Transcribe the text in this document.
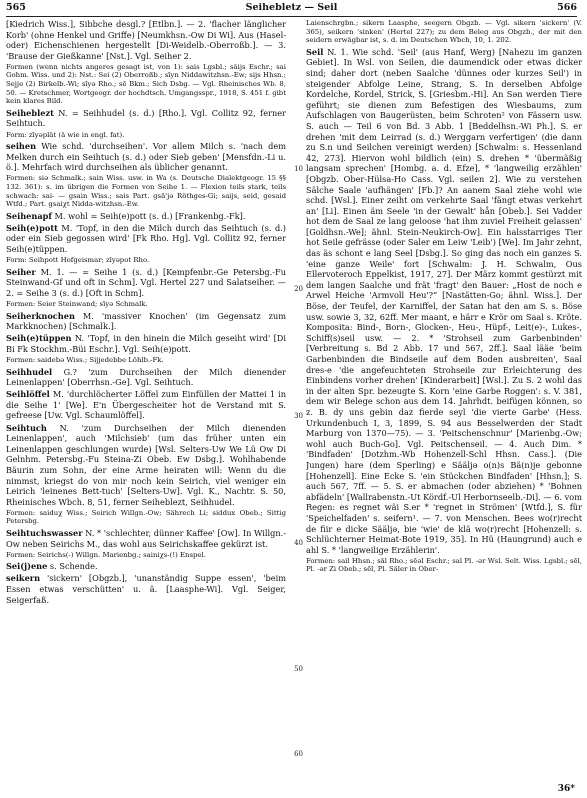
565	Seihebletz — Seil	566

[Kiedrich Wiss.], Sibbche desgl.? [Etlbn.]. — 2. 'flacher länglicher Korb' (ohne Henkel und Griffe) [Neumkhsn.-Ow Di Wi]. Aus (Hasel- oder) Eichenschienen hergestellt [Di-Weidelb.-Oberroßb.]. — 3. 'Brause der Gießkanne' [Nst.]. Vgl. Seiher 2.

Formen (wenn nichts angeres gesagt ist, von 1): sais Lgsbl.; säijs Eschr.; sai Gohm. Wiss. und 2): Nst.: Sei (2) Oberroßb.; sīyn Niddawitzhsn.-Ew; sijs Hhsn.; Sejje (2) Birkelb.-Wi; sīyə Rho.; sē Bkm.; Sich Dsbg. — Vgl. Rheinisches Wb. 8, 50. — Kretschmer, Wortgeogr. der hochdtsch. Umgangsspr., 1918, S. 451 f. gibt kein klares Bild.

Seiheblezt N. = Seihhudel (s. d.) [Rho.]. Vgl. Collitz 92, ferner Seihtuch.

Form: zīyəplät (ä wie in engl. fat).

seihen Wie schd. 'durchseihen'. Vor allem Milch s. 'nach dem Melken durch ein Seihtuch (s. d.) oder Sieb geben' [Mensfdn.-Li u. ö.]. Mehrfach wird durchseihen als üblicher genannt.

Formen: siə Schmalk.; sain Wiss. usw. in Wa (s. Deutsche Dialektgeogr. 15 §§ 132. 361): s. im übrigen die Formen von Seihe 1. — Flexion teils stark, teils schwach: sai- — gsain Wiss.; sais Part. gsā'jə Röthges-Gi; saijs, seid, gesaid Wtfd.; Part. gsaiχt Nidda-witzhsn.-Ew.

Seihenapf M. wohl = Seih(e)pott (s. d.) [Frankenbg.-Fk].

Seih(e)pott M. 'Topf, in den die Milch durch das Seihtuch (s. d.) oder ein Sieb gegossen wird' [Fk Rho. Hg]. Vgl. Collitz 92, ferner Seih(e)tüppen.

Form: Seihpott Hofgeismar; zīyəpot Rho.

Seiher M. 1. — = Seihe 1 (s. d.) [Kempfenbr.-Ge Petersbg.-Fu Steinwand-Gf und oft in Schm]. Vgl. Hertel 227 und Salatseiher. — 2. = Seihe 3 (s. d.) [Oft in Schm].

Formen: Seier Steinwand; sīyə Schmalk.

Seiherknochen M. 'massiver Knochen' (im Gegensatz zum Markknochen) [Schmalk.].

Seih(e)tüppen N. 'Topf, in den hinein die Milch geseiht wird' [Di Bi Fk Stockhm.-Büi Eschr.]. Vgl. Seih(e)pott.

Formen: saidebə Wiss.; Sijjedebbe Löhlb.-Fk.

Seihhudel G.? 'zum Durchseihen der Milch dienender Leinenlappen' [Oberrhsn.-Ge]. Vgl. Seihtuch.

Seihlöffel M. 'durchlöcherter Löffel zum Einfüllen der Mattei 1 in die Seihe 1' [We]. E'n Übergescheiter hot de Verstand mit S. gefreese [Uw. Vgl. Schaumlöffel].

Seihtuch N. 'zum Durchseihen der Milch dienenden Leinenlappen', auch 'Milchsieb' (um das früher unten ein Leinenlappen geschlungen wurde) [Wsl. Selters-Uw We Lü Ow Di Gelnhm. Petersbg.-Fu Steina-Zi Obeb. Ew Dsbg.]. Wohlhabende Bäurin zum Sohn, der eine Arme heiraten will: Wenn du die nimmst, kriegst do von mir noch kein Seirich, viel weniger ein Leirich 'leinenes Bett-tuch' [Selters-Uw]. Vgl. K., Nachtr. S. 50, Rheinisches Wbch. 8, 51, ferner Seiheblezt, Seihhudel.

Formen: saiduχ Wiss.; Seirich Willgn.-Ow; Sährech Li; siddux Obeb.; Sittig Petersbg.

Seihtuchswasser N. * 'schlechter, dünner Kaffee' [Ow]. In Willgn.-Ow neben Seirichs M., das wohl aus Seirichskaffee gekürzt ist.

Formen: Seirichs(-) Willgn. Marienbg.; sainiχs-(!) Enspel.

Sei(j)ene s. Schende.

seikern 'sickern' [Obgzb.], 'unanständig Suppe essen', 'beim Essen etwas verschütten' u. ä. [Laasphe-Wi]. Vgl. Seiger, Seigerfaß.

10
20
30
40
50
60

Laienschrgbn.; sikern Laasphe, seegern Obgzb. — Vgl. sikern 'sickern' (V. 365), seikern 'sinken' (Hertel 227); zu dem Beleg aus Obgzb., der mit den seidern erwägbar ist, s. d. im Deutschen Wbch, 10, 1. 202.

Seil N. 1. Wie schd. 'Seil' (aus Hanf, Werg) [Nahezu im ganzen Gebiet]. In Wsl. von Seilen, die daumendick oder etwas dicker sind; daher dort (neben Saalche 'dünnes oder kurzes Seil') in steigender Abfolge Leine, Strang, S. In derselben Abfolge Kordelche, Kordel, Strick, S. [Griesbm.-Hi]. An Sən werden Tiere geführt; sie dienen zum Befestigen des Wiesbaums, zum Aufschlagen von Baugerüsten, beim Schroten² von Fässern usw. S. auch — Teil 6 von Bd. 3 Abb. 1 [Beddelhsn.-Wi Ph.]. S. er drehen 'mit dem Leirrad (s. d.) Werggarn verfertigen' (die dann zu S.n und Seilchen vereinigt werden) [Schwalm: s. Hessenland 42, 273]. Hiervon wohl bildlich (ein) S. drehen * 'übermäßig langsam sprechen' [Hombg. a. d. Efze], * 'langweilig erzählen' [Obgzb. Ober-Hülsa-Ho Cass. Vgl. seilen 2]. Wie zu verstehen Sälche Saale 'aufhängen' [Fb.]? An aanem Saal ziehe wohl wie schd. [Wsl.]. Einer zeiht om verkehrte Saal 'fängt etwas verkehrt an' [Li]. Einen äm Seele 'in der Gewalt' hån [Obeb.]. Sei Vadder hot dem de Saal ze lang geloose 'hat ihm zuviel Freiheit gelassen' [Goldhsn.-We]; ähnl. Stein-Neukirch-Ow]. Ein halsstarriges Tier hot Seile gefrässe (oder Saler em Leiw 'Leib') [We]. Im Jahr zehnt, das äs schont e lang Seel [Dsbg.]. So ging das noch ein ganzes S. 'eine ganze Weile' fort [Schwalm: J. H. Schwalm, Ous Ellervoteroch Eppelkist, 1917, 27]. Der März kommt gestürzt mit dem langen Saalche und frät 'fragt' den Bauer: „Host de noch e Arwel Heiche 'Armvoll Heu'?“ [Nastätten-Go; ähnl. Wiss.]. Der Böse, der Teufel, der Karniffel, der Satan hat den am S. s. Böse usw. sowie 3, 32, 62ff. Mer maant, e härr e Krör om Saal s. Kröte. Komposita: Bind-, Born-, Glocken-, Heu-, Hüpf-, Leit(e)-, Lukes-, Schiff(s)seil usw. — 2. * 'Strohseil zum Garbenbinden' [Verbreitung s. Bd 2 Abb. 17 und 567, 2ff.]. Saal lääe 'beim Garbenbinden die Bindseile auf dem Boden ausbreiten', Saal dres-e 'die angefeuchteten Strohseile zur Erleichterung des Einbindens vorher drehen' [Kinderarbeit] [Wsl.]. Zu S. 2 wohl das in der alten Spr. bezeugte S. Korn 'eine Garbe Roggen': s. V. 381, dem wir Belege schon aus dem 14. Jahrhdt. beifügen können, so z. B. dy uns gebin daz fierde seyl 'die vierte Garbe' (Hess. Urkundenbuch I, 3, 1899, S. 94 aus Besselwerden der Stadt Marburg von 1370—75). — 3. 'Peitschenschnur' [Marienbg.-Ow; wohl auch Buch-Go]. Vgl. Peitschenseil. — 4. Auch Dim. * 'Bindfaden' [Dotzhm.-Wb Hohenzell-Schl Hhsn. Cass.]. (Die Jungen) hare (dem Sperling) e Sääljə o(n)s Bä(n)je gebonne [Hohenzell]. Eine Ecke S. 'ein Stückchen Bindfaden' [Hhsn.]; S. auch 567, 7ff. — 5. S. er abmachen (oder abziehen) * 'Bohnen abfädeln' [Wallrabenstn.-Ut Kördf.-Ul Herbornseelb.-Di]. — 6. vom Regen: es regnet wäi S.er * 'regnet in Strömen' [Wtfd.], S. für 'Speichelfaden' s. seifern¹. — 7. von Menschen. Bees wo(r)recht de fiir e dicke Sääljə, bie 'wie' de klä wo(r)recht [Hohenzell: s. Schlüchterner Heimat-Bote 1919, 35]. In Hü (Haungrund) auch e ahl S. * 'langweilige Erzählerin'.

Formen: sail Hhsn.; sāl Rho.; sēəl Eschr.; sal Pl. -ər Wsl. Selt. Wiss. Lgsbl.; sēl, Pl. -ər Zi Obeb.; sēl, Pl. Säler in Ober-

36*
